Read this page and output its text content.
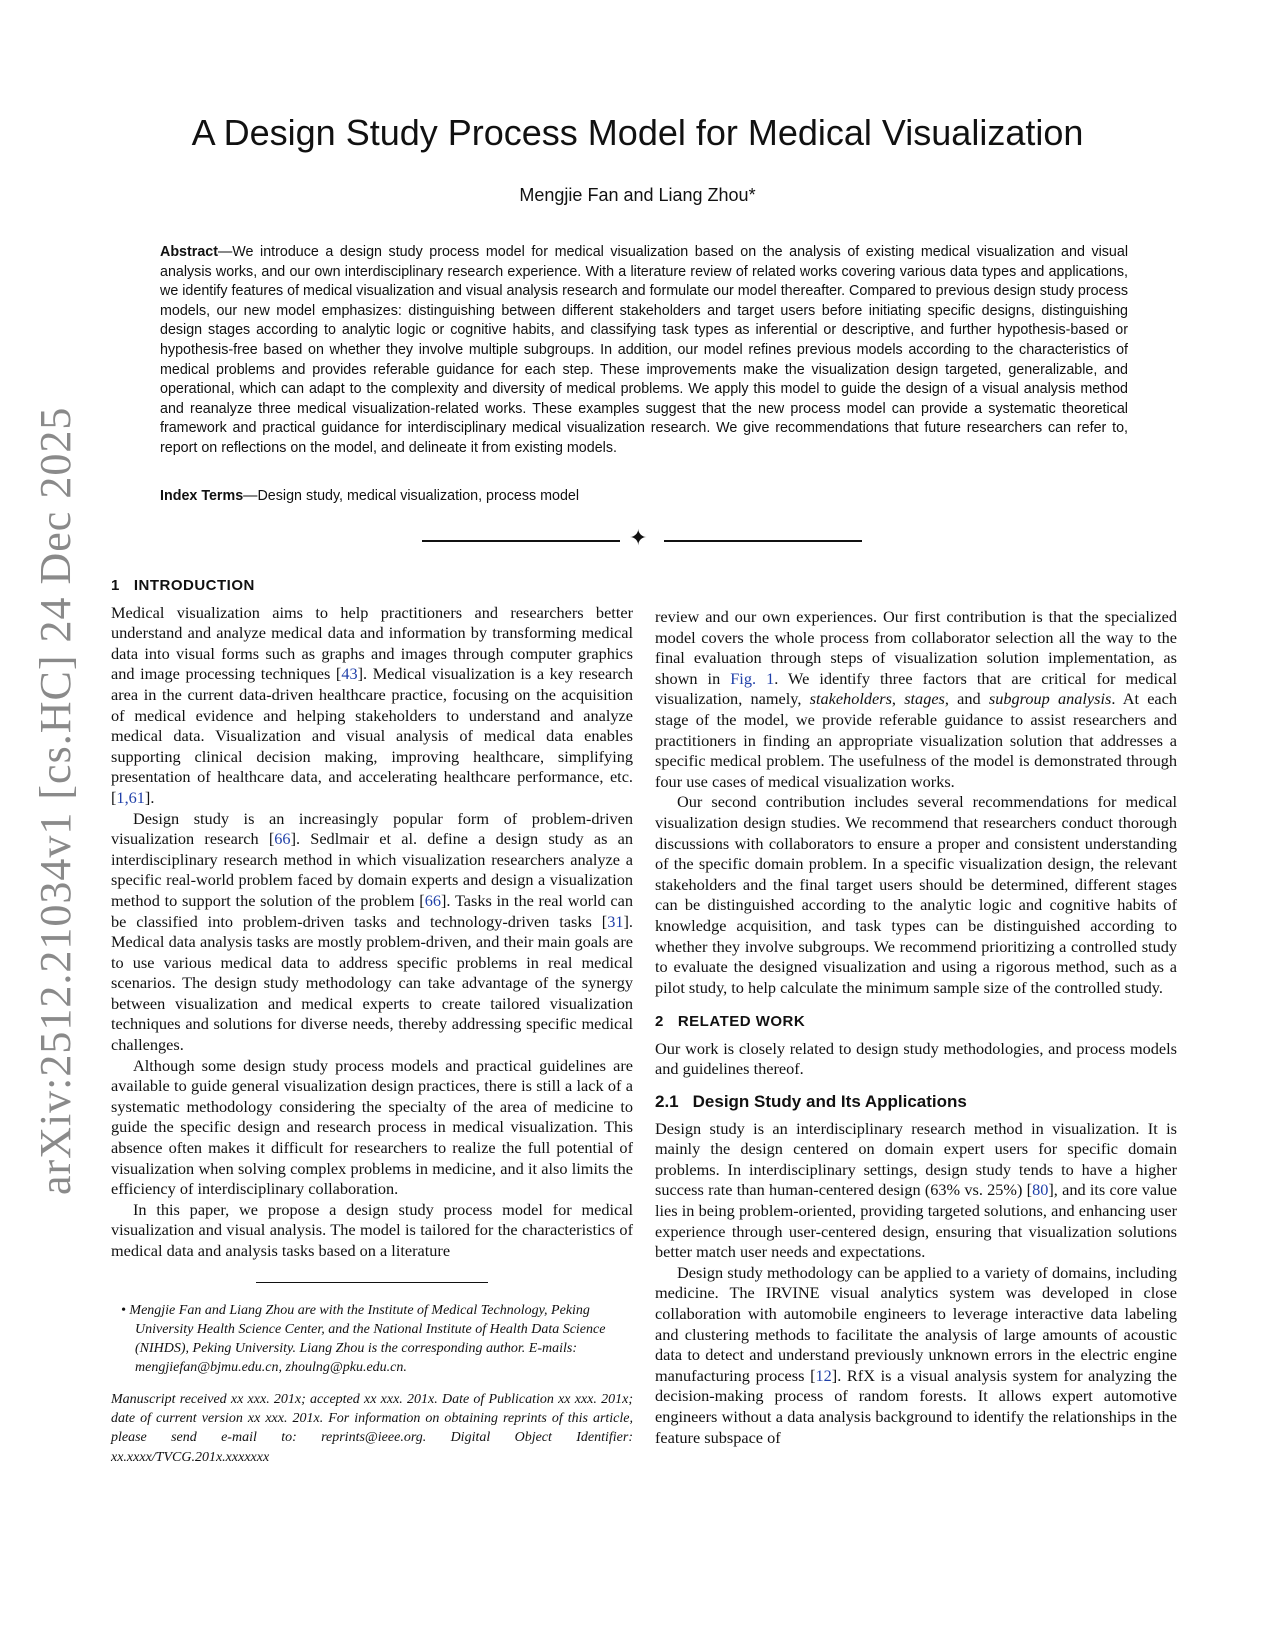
arXiv:2512.21034v1 [cs.HC] 24 Dec 2025
A Design Study Process Model for Medical Visualization
Mengjie Fan and Liang Zhou*
Abstract—We introduce a design study process model for medical visualization based on the analysis of existing medical visualization and visual analysis works, and our own interdisciplinary research experience. With a literature review of related works covering various data types and applications, we identify features of medical visualization and visual analysis research and formulate our model thereafter. Compared to previous design study process models, our new model emphasizes: distinguishing between different stakeholders and target users before initiating specific designs, distinguishing design stages according to analytic logic or cognitive habits, and classifying task types as inferential or descriptive, and further hypothesis-based or hypothesis-free based on whether they involve multiple subgroups. In addition, our model refines previous models according to the characteristics of medical problems and provides referable guidance for each step. These improvements make the visualization design targeted, generalizable, and operational, which can adapt to the complexity and diversity of medical problems. We apply this model to guide the design of a visual analysis method and reanalyze three medical visualization-related works. These examples suggest that the new process model can provide a systematic theoretical framework and practical guidance for interdisciplinary medical visualization research. We give recommendations that future researchers can refer to, report on reflections on the model, and delineate it from existing models.
Index Terms—Design study, medical visualization, process model
✦
1 INTRODUCTION

Medical visualization aims to help practitioners and researchers better understand and analyze medical data and information by transforming medical data into visual forms such as graphs and images through computer graphics and image processing techniques [43]. Medical visualization is a key research area in the current data-driven healthcare practice, focusing on the acquisition of medical evidence and helping stakeholders to understand and analyze medical data. Visualization and visual analysis of medical data enables supporting clinical decision making, improving healthcare, simplifying presentation of healthcare data, and accelerating healthcare performance, etc. [1,61].

Design study is an increasingly popular form of problem-driven visualization research [66]. Sedlmair et al. define a design study as an interdisciplinary research method in which visualization researchers analyze a specific real-world problem faced by domain experts and design a visualization method to support the solution of the problem [66]. Tasks in the real world can be classified into problem-driven tasks and technology-driven tasks [31]. Medical data analysis tasks are mostly problem-driven, and their main goals are to use various medical data to address specific problems in real medical scenarios. The design study methodology can take advantage of the synergy between visualization and medical experts to create tailored visualization techniques and solutions for diverse needs, thereby addressing specific medical challenges.

Although some design study process models and practical guidelines are available to guide general visualization design practices, there is still a lack of a systematic methodology considering the specialty of the area of medicine to guide the specific design and research process in medical visualization. This absence often makes it difficult for researchers to realize the full potential of visualization when solving complex problems in medicine, and it also limits the efficiency of interdisciplinary collaboration.

In this paper, we propose a design study process model for medical visualization and visual analysis. The model is tailored for the characteristics of medical data and analysis tasks based on a literature

• Mengjie Fan and Liang Zhou are with the Institute of Medical Technology, Peking University Health Science Center, and the National Institute of Health Data Science (NIHDS), Peking University. Liang Zhou is the corresponding author. E-mails: mengjiefan@bjmu.edu.cn, zhoulng@pku.edu.cn.
Manuscript received xx xxx. 201x; accepted xx xxx. 201x. Date of Publication xx xxx. 201x; date of current version xx xxx. 201x. For information on obtaining reprints of this article, please send e-mail to: reprints@ieee.org. Digital Object Identifier: xx.xxxx/TVCG.201x.xxxxxxx

review and our own experiences. Our first contribution is that the specialized model covers the whole process from collaborator selection all the way to the final evaluation through steps of visualization solution implementation, as shown in Fig. 1. We identify three factors that are critical for medical visualization, namely, stakeholders, stages, and subgroup analysis. At each stage of the model, we provide referable guidance to assist researchers and practitioners in finding an appropriate visualization solution that addresses a specific medical problem. The usefulness of the model is demonstrated through four use cases of medical visualization works.

Our second contribution includes several recommendations for medical visualization design studies. We recommend that researchers conduct thorough discussions with collaborators to ensure a proper and consistent understanding of the specific domain problem. In a specific visualization design, the relevant stakeholders and the final target users should be determined, different stages can be distinguished according to the analytic logic and cognitive habits of knowledge acquisition, and task types can be distinguished according to whether they involve subgroups. We recommend prioritizing a controlled study to evaluate the designed visualization and using a rigorous method, such as a pilot study, to help calculate the minimum sample size of the controlled study.

2 RELATED WORK

Our work is closely related to design study methodologies, and process models and guidelines thereof.

2.1 Design Study and Its Applications

Design study is an interdisciplinary research method in visualization. It is mainly the design centered on domain expert users for specific domain problems. In interdisciplinary settings, design study tends to have a higher success rate than human-centered design (63% vs. 25%) [80], and its core value lies in being problem-oriented, providing targeted solutions, and enhancing user experience through user-centered design, ensuring that visualization solutions better match user needs and expectations.

Design study methodology can be applied to a variety of domains, including medicine. The IRVINE visual analytics system was developed in close collaboration with automobile engineers to leverage interactive data labeling and clustering methods to facilitate the analysis of large amounts of acoustic data to detect and understand previously unknown errors in the electric engine manufacturing process [12]. RfX is a visual analysis system for analyzing the decision-making process of random forests. It allows expert automotive engineers without a data analysis background to identify the relationships in the feature subspace of
